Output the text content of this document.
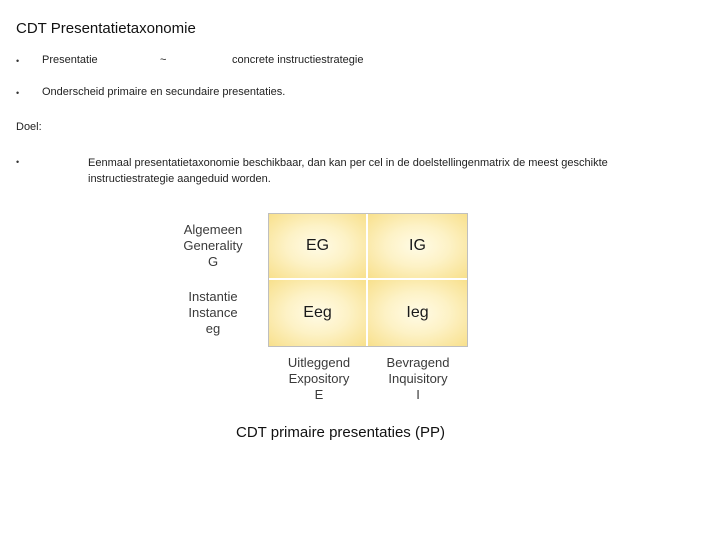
CDT Presentatietaxonomie
• Presentatie	~	concrete instructiestrategie
• Onderscheid primaire en secundaire presentaties.
Doel:
•	Eenmaal presentatietaxonomie beschikbaar, dan kan per cel in de doelstellingenmatrix de meest geschikte instructiestrategie aangeduid worden.
Algemeen
Generality
G
Instantie
Instance
eg
EG	IG
Eeg	Ieg
Uitleggend
Expository
E
Bevragend
Inquisitory
I
CDT primaire presentaties (PP)
